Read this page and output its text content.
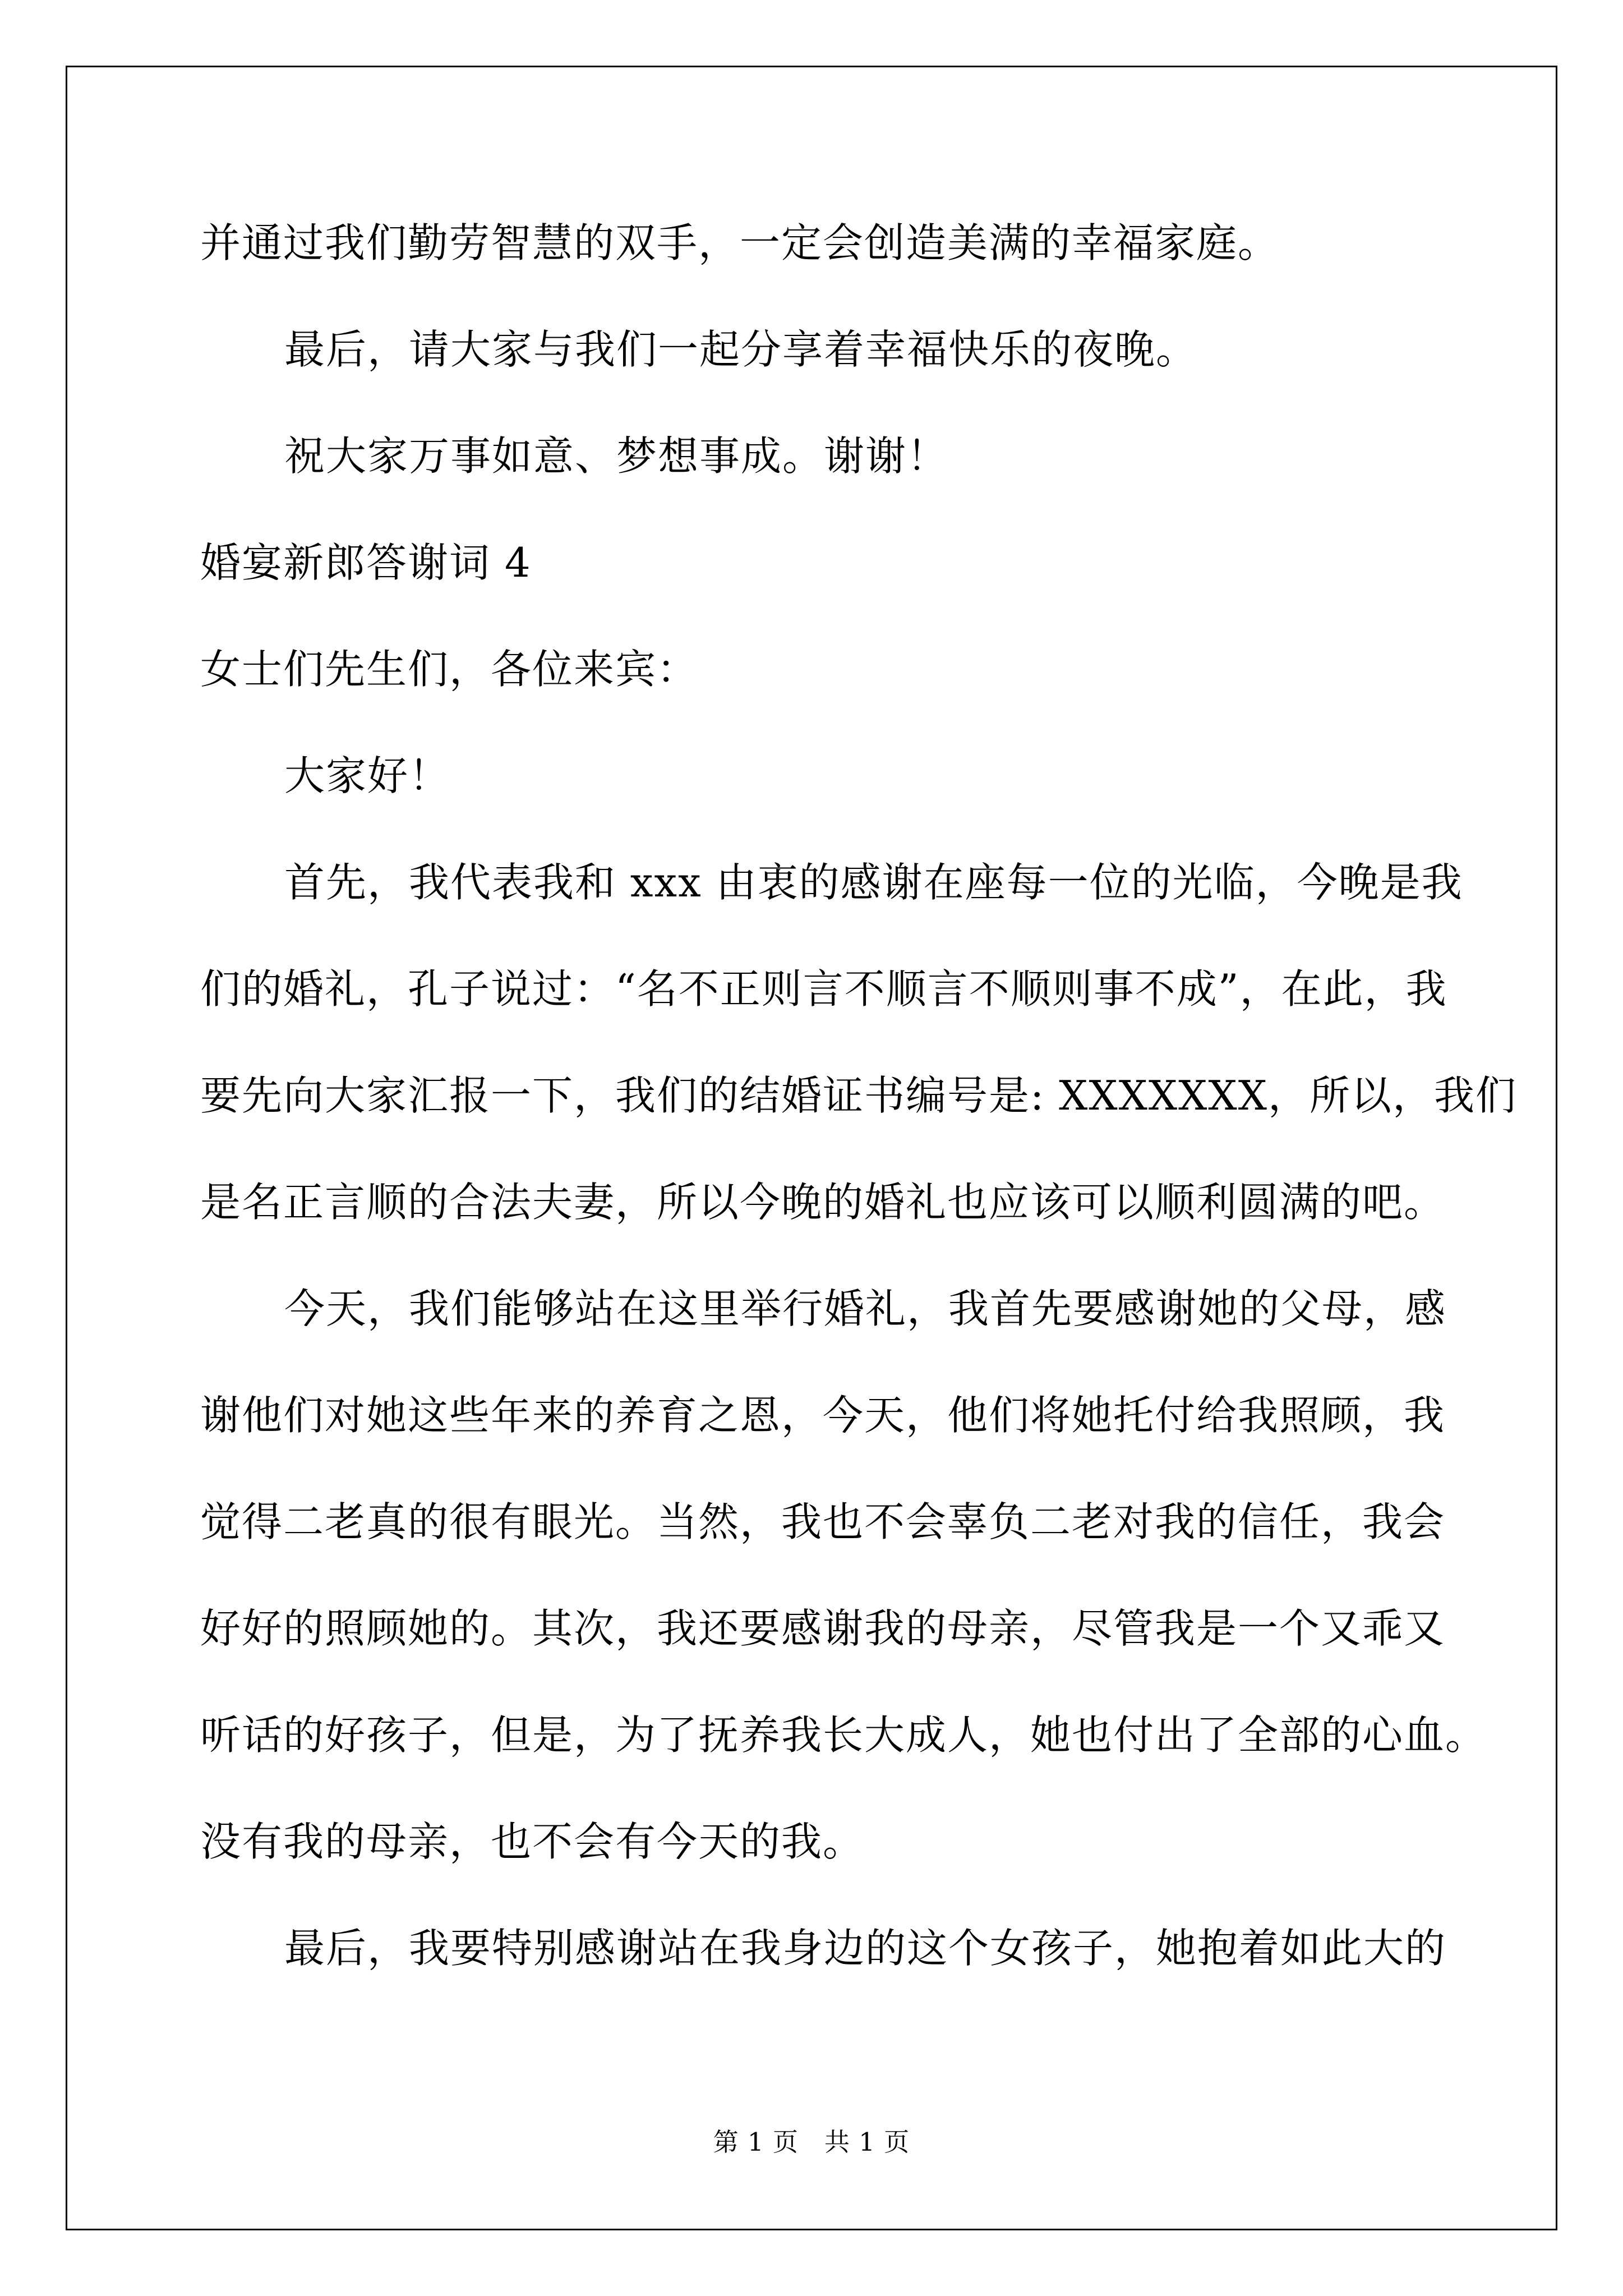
并通过我们勤劳智慧的双手，一定会创造美满的幸福家庭。
最后，请大家与我们一起分享着幸福快乐的夜晚。
祝大家万事如意、梦想事成。谢谢！
婚宴新郎答谢词 4
女士们先生们，各位来宾：
大家好！
首先，我代表我和 xxx 由衷的感谢在座每一位的光临，今晚是我
们的婚礼，孔子说过：“名不正则言不顺言不顺则事不成”，在此，我
要先向大家汇报一下，我们的结婚证书编号是: XXXXXXX，所以，我们
是名正言顺的合法夫妻，所以今晚的婚礼也应该可以顺利圆满的吧。
今天，我们能够站在这里举行婚礼，我首先要感谢她的父母，感
谢他们对她这些年来的养育之恩，今天，他们将她托付给我照顾，我
觉得二老真的很有眼光。当然，我也不会辜负二老对我的信任，我会
好好的照顾她的。其次，我还要感谢我的母亲，尽管我是一个又乖又
听话的好孩子，但是，为了抚养我长大成人，她也付出了全部的心血。
没有我的母亲，也不会有今天的我。
最后，我要特别感谢站在我身边的这个女孩子，她抱着如此大的
第 1 页　共 1 页
